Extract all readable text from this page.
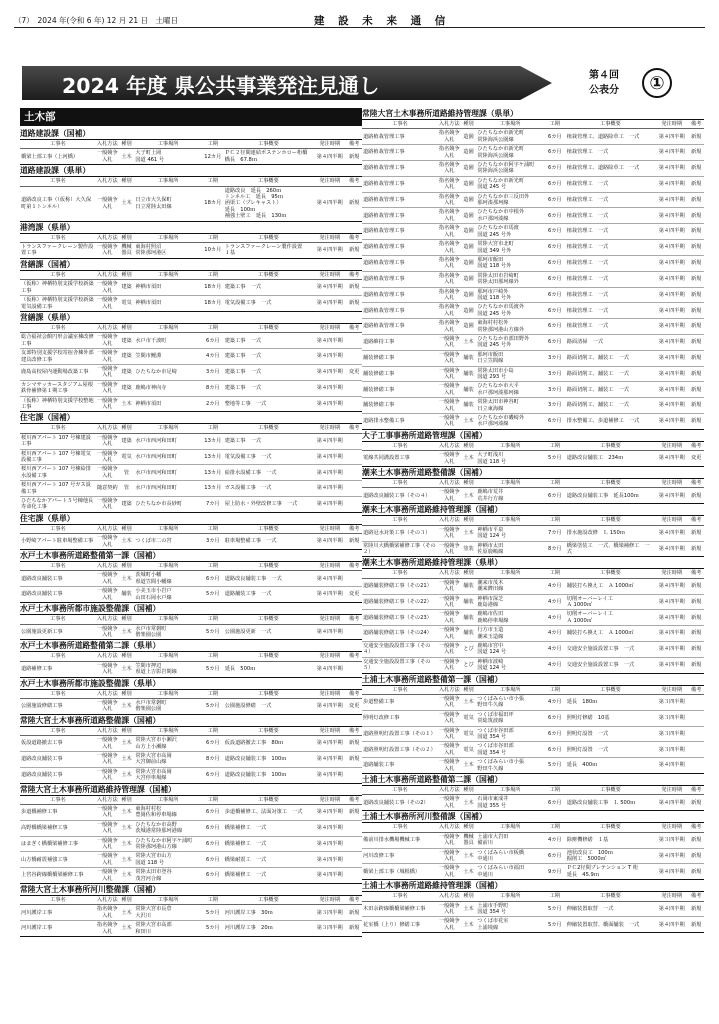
（7）　2024 年(令和 6 年) 12 月 21 日　土曜日	建 設 未 来 通 信
2024 年度 県公共事業発注見通し	第４回
公表分	①
土木部
道路建設課（国補）
工事名	入札方法	種別	工事場所	工期	工事概要	発注時期	備考
橋梁上部工事（上河橋）	一般競争入札	土木	大子町上岡
国道 461 号	12カ月	ＰＣ２径間連結ポステンホロー桁橋
橋長　67.8ｍ	第４四半期	新規
道路建設課（県単）
工事名	入札方法	種別	工事場所	工期	工事概要	発注時期	備考
道路改良工事（（仮称）大久保町第１トンネル）	一般競争入札	土木	日立市大久保町
日立常陸太田線	18カ月	道路改良　延長　260ｍ
トンネル工　延長　95ｍ
函渠工（プレキャスト）
延長　100ｍ
補強土壁工　延長　130ｍ	第４四半期	新規
港湾課（県単）
工事名	入札方法	種別	工事場所	工期	工事概要	発注時期	備考
トランスファークレーン製作設置工事	一般競争入札	機械器具	東海村照沼
常陸那珂港区	10カ月	トランスファークレーン製作設置　１基	第４四半期	新規
営繕課（国補）
工事名	入札方法	種別	工事場所	工期	工事概要	発注時期	備考
（仮称）神栖特別支援学校新築工事	一般競争入札	建築	神栖市須田	18カ月	建築工事　一式	第４四半期	新規
（仮称）神栖特別支援学校新築電気設備工事	一般競争入札	電気	神栖市須田	18カ月	電気設備工事　一式	第４四半期	新規
営繕課（県単）
工事名	入札方法	種別	工事場所	工期	工事概要	発注時期	備考
総合福祉会館円形会議室棟改修工事	一般競争入札	建築	水戸市千波町	6カ月	建築工事　一式	第４四半期	
友部特別支援学校寄宿舎棟外部建具改修工事	一般競争入札	建築	笠間市鯉淵	4カ月	建築工事　一式	第４四半期	
鹿島高校屋内運動場改築工事	一般競争入札	建築	ひたちなか市足崎	3カ月	建築工事　一式	第４四半期	変更
カシマサッカースタジアム屋根鉄骨補修第１期工事	一般競争入札	建築	鹿嶋市神向寺	8カ月	建築工事　一式	第４四半期	
（仮称）神栖特別支援学校整地工事	一般競争入札	土木	神栖市須田	2カ月	整地等工事　一式	第４四半期	
住宅課（国補）
工事名	入札方法	種別	工事場所	工期	工事概要	発注時期	備考
桜川西アパート 107 号棟建設工事	一般競争入札	建築	水戸市西河和田町	13カ月	建築工事　一式	第４四半期	
桜川西アパート 107 号棟電気設備工事	一般競争入札	電気	水戸市西河和田町	13カ月	電気設備工事　一式	第４四半期	
桜川西アパート 107 号棟給排水設備工事	一般競争入札	管	水戸市西河和田町	13カ月	給排水設備工事　一式	第４四半期	
桜川西アパート 107 号ガス設備工事	随意契約	管	水戸市西河和田町	13カ月	ガス設備工事　一式	第４四半期	
ひたちなかアパート５号棟他長寿命化工事	一般競争入札	建築	ひたちなか市長砂町	7カ月	屋上防水・外壁改修工事　一式	第４四半期	
住宅課（県単）
工事名	入札方法	種別	工事場所	工期	工事概要	発注時期	備考
小野崎アパート駐車場整備工事	一般競争入札	土木	つくば市二の宮	3カ月	駐車場整備工事　一式	第４四半期	新規
水戸土木事務所道路整備第一課（国補）
工事名	入札方法	種別	工事場所	工期	工事概要	発注時期	備考
道路改良舗装工事	一般競争入札	土木	茨城町小幡
県道笠間小幡線	6カ月	道路改良舗装工事　一式	第４四半期	
道路改良舗装工事	一般競争入札	舗装	小美玉市小岩戸
山田石岡水戸線	5カ月	道路舗装工事　一式	第４四半期	変更
水戸土木事務所都市施設整備課（国補）
工事名	入札方法	種別	工事場所	工期	工事概要	発注時期	備考
公園施設更新工事	一般競争入札	土木	水戸市常磐町
偕楽園公園	5カ月	公園施設更新　一式	第４四半期	
水戸土木事務所道路整備第二課（県単）
工事名	入札方法	種別	工事場所	工期	工事概要	発注時期	備考
道路補修工事	一般競争入札	土木	笠間市押辺
県道上吉影岩間線	5カ月	延長　500ｍ	第４四半期	
水戸土木事務所都市施設整備課（県単）
工事名	入札方法	種別	工事場所	工期	工事概要	発注時期	備考
公園施設修繕工事	一般競争入札	土木	水戸市常磐町
偕楽園公園	5カ月	公園施設修繕　一式	第４四半期	変更
常陸大宮土木事務所道路整備課（国補）
工事名	入札方法	種別	工事場所	工期	工事概要	発注時期	備考
仮設道路撤去工事	一般競争入札	土木	常陸大宮市小瀬沢
山方上小瀬線	6カ月	仮設道路撤去工事　80ｍ	第４四半期	新規
道路改良舗装工事	一般競争入札	土木	常陸大宮市高岡
大宮御前山線	8カ月	道路改良舗装工事　100ｍ	第４四半期	新規
道路改良舗装工事	一般競争入札	土木	常陸大宮市高岡
大宮停車場線	6カ月	道路改良舗装工事　100ｍ	第４四半期	
常陸大宮土木事務所道路維持管理課（国補）
工事名	入札方法	種別	工事場所	工期	工事概要	発注時期	備考
歩道橋補修工事	一般競争入札	土木	東海村村松
豊岡佐和停車場線	6カ月	歩道橋補修工、法面対策工　一式	第４四半期	新規
高野橋橋梁補修工事	一般競争入札	土木	ひたちなか市高野
茨城港常陸那珂港線	6カ月	橋梁補修工　一式	第４四半期	
はまぎく橋橋梁補修工事	一般競争入札	土木	ひたちなか市阿字ケ浦町
常陸那珂港山方線	6カ月	橋梁補修工　一式	第４四半期	
山方橋耐震補強工事	一般競争入札	土木	常陸大宮市山方
国道 118 号	6カ月	橋梁耐震工　一式	第４四半期	
上宮谷跨線橋橋梁補修工事	一般競争入札	土木	常陸太田市登谷
茂宮河合線	6カ月	橋梁補修工　一式	第４四半期	
常陸大宮土木事務所河川整備課（国補）
工事名	入札方法	種別	工事場所	工期	工事概要	発注時期	備考
河川護岸工事	指名競争入札	土木	常陸大宮市長倉
大沢川	5カ月	河川護岸工事　30ｍ	第３四半期	新規
河川護岸工事	指名競争入札	土木	常陸大宮市高部
和田川	5カ月	河川護岸工事　20ｍ	第３四半期	新規
常陸大宮土木事務所道路維持管理課（県単）
工事名	入札方法	種別	工事場所	工期	工事概要	発注時期	備考
道路植栽管理工事	指名競争入札	造園	ひたちなか市新光町
常陸海浜公園線	6カ月	植栽管理工、道路除草工　一式	第４四半期	新規
道路植栽管理工事	指名競争入札	造園	ひたちなか市新光町
常陸海浜公園線	6カ月	植栽管理工　一式	第４四半期	新規
道路植栽管理工事	指名競争入札	造園	ひたちなか市阿字ケ浦町
常陸海浜公園線	6カ月	植栽管理工、道路除草工　一式	第４四半期	新規
道路植栽管理工事	指名競争入札	造園	ひたちなか市新光町
国道 245 号	6カ月	植栽管理工　一式	第４四半期	新規
道路植栽管理工事	指名競争入札	造園	ひたちなか市三反田外
那珂湊那珂線	6カ月	植栽管理工　一式	第４四半期	新規
道路植栽管理工事	指名競争入札	造園	ひたちなか市中根外
水戸那珂湊線	6カ月	植栽管理工　一式	第４四半期	新規
道路植栽管理工事	指名競争入札	造園	ひたちなか市馬渡
国道 245 号外	6カ月	植栽管理工　一式	第４四半期	新規
道路植栽管理工事	指名競争入札	造園	常陸大宮市北町
国道 349 号外	6カ月	植栽管理工　一式	第４四半期	新規
道路植栽管理工事	指名競争入札	造園	那珂市飯田
国道 118 号外	6カ月	植栽管理工　一式	第４四半期	新規
道路植栽管理工事	指名競争入札	造園	常陸太田市岩崎町
常陸太田那珂線外	6カ月	植栽管理工　一式	第４四半期	新規
道路植栽管理工事	指名競争入札	造園	那珂市戸崎外
国道 118 号外	6カ月	植栽管理工　一式	第４四半期	新規
道路植栽管理工事	指名競争入札	造園	ひたちなか市馬渡外
国道 245 号外	6カ月	植栽管理工　一式	第４四半期	新規
道路植栽管理工事	指名競争入札	造園	東海村村松外
常陸那珂港山方線外	6カ月	植栽管理工　一式	第４四半期	新規
道路維持工事	一般競争入札	土木	ひたちなか市部田野外
国道 245 号外	6カ月	路面清掃　一式	第４四半期	新規
舗装修繕工事	一般競争入札	舗装	那珂市飯田
日立笠間線	3カ月	路面切削工、舗装工　一式	第４四半期	新規
舗装修繕工事	一般競争入札	舗装	常陸太田市小島
国道 293 号	3カ月	路面切削工、舗装工　一式	第４四半期	新規
舗装修繕工事	一般競争入札	舗装	ひたちなか市大平
水戸那珂湊那珂線	3カ月	路面切削工、舗装工　一式	第４四半期	新規
舗装修繕工事	一般競争入札	舗装	常陸太田市神谷町
日立東海線	3カ月	路面切削工、舗装工　一式	第４四半期	新規
道路排水整備工事	一般競争入札	土木	ひたちなか市磯崎外
水戸那珂湊線	6カ月	排水整備工、歩道補修工　一式	第４四半期	新規
大子工事事務所道路管理課（国補）
工事名	入札方法	種別	工事場所	工期	工事概要	発注時期	備考
電線共同溝設置工事	一般競争入札	土木	大子町浅川
国道 118 号	5カ月	道路改良舗装工　234ｍ	第４四半期	変更
潮来土木事務所道路整備課（国補）
工事名	入札方法	種別	工事場所	工期	工事概要	発注時期	備考
道路改良舗装工事（その４）	一般競争入札	土木	鹿嶋市荒井
荒井行方線	6カ月	道路改良舗装工事　延長100ｍ	第４四半期	新規
潮来土木事務所道路維持管理課（国補）
工事名	入札方法	種別	工事場所	工期	工事概要	発注時期	備考
道路冠水対策工事（その３）	一般競争入札	土木	神栖市平泉
国道 124 号	7カ月	排水施設改修　Ｌ 150ｍ	第４四半期	新規
常陸川大橋橋梁補修工事（その２）	一般競争入札	塗装	神栖市太田
佐原鹿嶋線	8カ月	橋梁塗装工　一式、橋梁補修工　一式	第４四半期	新規
潮来土木事務所道路維持管理課（県単）
工事名	入札方法	種別	工事場所	工期	工事概要	発注時期	備考
道路舗装修繕工事（その21）	一般競争入札	舗装	潮来市茂木
潮来鉾田線	4カ月	舗装打ち換え工　Ａ 1000㎡	第４四半期	新規
道路舗装修繕工事（その22）	一般競争入札	舗装	神栖市深芝
鹿島港線	4カ月	切削オーバーレイ工
Ａ 1000㎡	第４四半期	新規
道路舗装修繕工事（その23）	一般競争入札	舗装	鹿嶋市佐田
鹿嶋停車場線	4カ月	切削オーバーレイ工
Ａ 1000㎡	第４四半期	新規
道路舗装修繕工事（その24）	一般競争入札	舗装	行方市玉造
潮来玉造線	4カ月	舗装打ち換え工　Ａ 1000㎡	第４四半期	新規
交通安全施設設置工事（その４）	一般競争入札	とび	鹿嶋市宮中
国道 124 号	4カ月	交通安全施設設置工事　一式	第４四半期	新規
交通安全施設設置工事（その５）	一般競争入札	とび	神栖市波崎
国道 124 号	4カ月	交通安全施設設置工事　一式	第４四半期	新規
土浦土木事務所道路整備第一課（国補）
工事名	入札方法	種別	工事場所	工期	工事概要	発注時期	備考
歩道整備工事	一般競争入札	土木	つくばみらい市小張
野田牛久線	4カ月	延長　180ｍ	第３四半期	
照明灯改修工事	一般競争入札	電気	つくば市福田坪
常総筑波線	6カ月	照明灯修繕　10基	第３四半期	
道路照明灯設置工事（その１）	一般競争入札	電気	つくば市谷田部
国道 354 号	6カ月	照明灯設置　一式	第３四半期	
道路照明灯設置工事（その２）	一般競争入札	電気	つくば市谷田部
国道 354 号	6カ月	照明灯設置　一式	第３四半期	
道路舗装工事	一般競争入札	土木	つくばみらい市小張
野田牛久線	5カ月	延長　400ｍ	第４四半期	
土浦土木事務所道路整備第二課（国補）
工事名	入札方法	種別	工事場所	工期	工事概要	発注時期	備考
道路改良舗装工事（その2）	一般競争入札	土木	石岡市東成井
国道 355 号	6カ月	道路改良舗装工事　Ｌ 500ｍ	第４四半期	新規
土浦土木事務所河川整備課（国補）
工事名	入札方法	種別	工事場所	工期	工事概要	発注時期	備考
備前川排水機場機械工事	一般競争入札	機械器具	土浦市大岩田
備前川	4カ月	除塵機修繕　１基	第３四半期	新規
河川改修工事	一般競争入札	土木	つくばみらい市板橋
中通川	6カ月	池状改良工　100ｍ
掘削工　5000㎥	第４四半期	新規
橋梁上部工事（城根橋）	一般競争入札	土木	つくばみらい市福田
中通川	9カ月	ＰＣ2径間プレテンション T 桁
延長　45.9ｍ	第４四半期	新規
土浦土木事務所道路維持管理課（国補）
工事名	入札方法	種別	工事場所	工期	工事概要	発注時期	備考
木田余跨線橋橋梁補修工事	一般競争入札	土木	土浦市手野町
国道 354 号	5カ月	伸縮装置取替　一式	第４四半期	新規
花室橋（上り）修繕工事	一般競争入札	土木	つくば市花室
土浦境線	5カ月	伸縮装置取替、橋面舗装　一式	第４四半期	新規
